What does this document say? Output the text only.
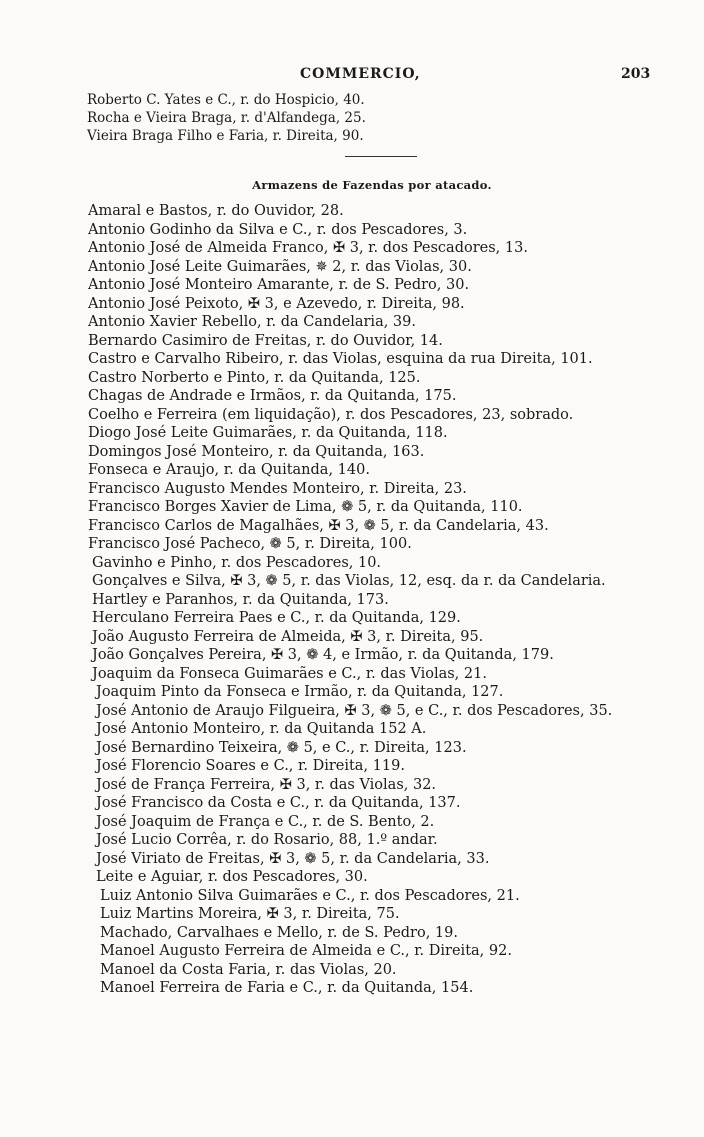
COMMERCIO,	203
Roberto C. Yates e C., r. do Hospicio, 40.
Rocha e Vieira Braga, r. d'Alfandega, 25.
Vieira Braga Filho e Faria, r. Direita, 90.
Armazens de Fazendas por atacado.
Amaral e Bastos, r. do Ouvidor, 28.
Antonio Godinho da Silva e C., r. dos Pescadores, 3.
Antonio José de Almeida Franco, ✠ 3, r. dos Pescadores, 13.
Antonio José Leite Guimarães, ✵ 2, r. das Violas, 30.
Antonio José Monteiro Amarante, r. de S. Pedro, 30.
Antonio José Peixoto, ✠ 3, e Azevedo, r. Direita, 98.
Antonio Xavier Rebello, r. da Candelaria, 39.
Bernardo Casimiro de Freitas, r. do Ouvidor, 14.
Castro e Carvalho Ribeiro, r. das Violas, esquina da rua Direita, 101.
Castro Norberto e Pinto, r. da Quitanda, 125.
Chagas de Andrade e Irmãos, r. da Quitanda, 175.
Coelho e Ferreira (em liquidação), r. dos Pescadores, 23, sobrado.
Diogo José Leite Guimarães, r. da Quitanda, 118.
Domingos José Monteiro, r. da Quitanda, 163.
Fonseca e Araujo, r. da Quitanda, 140.
Francisco Augusto Mendes Monteiro, r. Direita, 23.
Francisco Borges Xavier de Lima, ❁ 5, r. da Quitanda, 110.
Francisco Carlos de Magalhães, ✠ 3, ❁ 5, r. da Candelaria, 43.
Francisco José Pacheco, ❁ 5, r. Direita, 100.
Gavinho e Pinho, r. dos Pescadores, 10.
Gonçalves e Silva, ✠ 3, ❁ 5, r. das Violas, 12, esq. da r. da Candelaria.
Hartley e Paranhos, r. da Quitanda, 173.
Herculano Ferreira Paes e C., r. da Quitanda, 129.
João Augusto Ferreira de Almeida, ✠ 3, r. Direita, 95.
João Gonçalves Pereira, ✠ 3, ❁ 4, e Irmão, r. da Quitanda, 179.
Joaquim da Fonseca Guimarães e C., r. das Violas, 21.
Joaquim Pinto da Fonseca e Irmão, r. da Quitanda, 127.
José Antonio de Araujo Filgueira, ✠ 3, ❁ 5, e C., r. dos Pescadores, 35.
José Antonio Monteiro, r. da Quitanda 152 A.
José Bernardino Teixeira, ❁ 5, e C., r. Direita, 123.
José Florencio Soares e C., r. Direita, 119.
José de França Ferreira, ✠ 3, r. das Violas, 32.
José Francisco da Costa e C., r. da Quitanda, 137.
José Joaquim de França e C., r. de S. Bento, 2.
José Lucio Corrêa, r. do Rosario, 88, 1.º andar.
José Viriato de Freitas, ✠ 3, ❁ 5, r. da Candelaria, 33.
Leite e Aguiar, r. dos Pescadores, 30.
Luiz Antonio Silva Guimarães e C., r. dos Pescadores, 21.
Luiz Martins Moreira, ✠ 3, r. Direita, 75.
Machado, Carvalhaes e Mello, r. de S. Pedro, 19.
Manoel Augusto Ferreira de Almeida e C., r. Direita, 92.
Manoel da Costa Faria, r. das Violas, 20.
Manoel Ferreira de Faria e C., r. da Quitanda, 154.
